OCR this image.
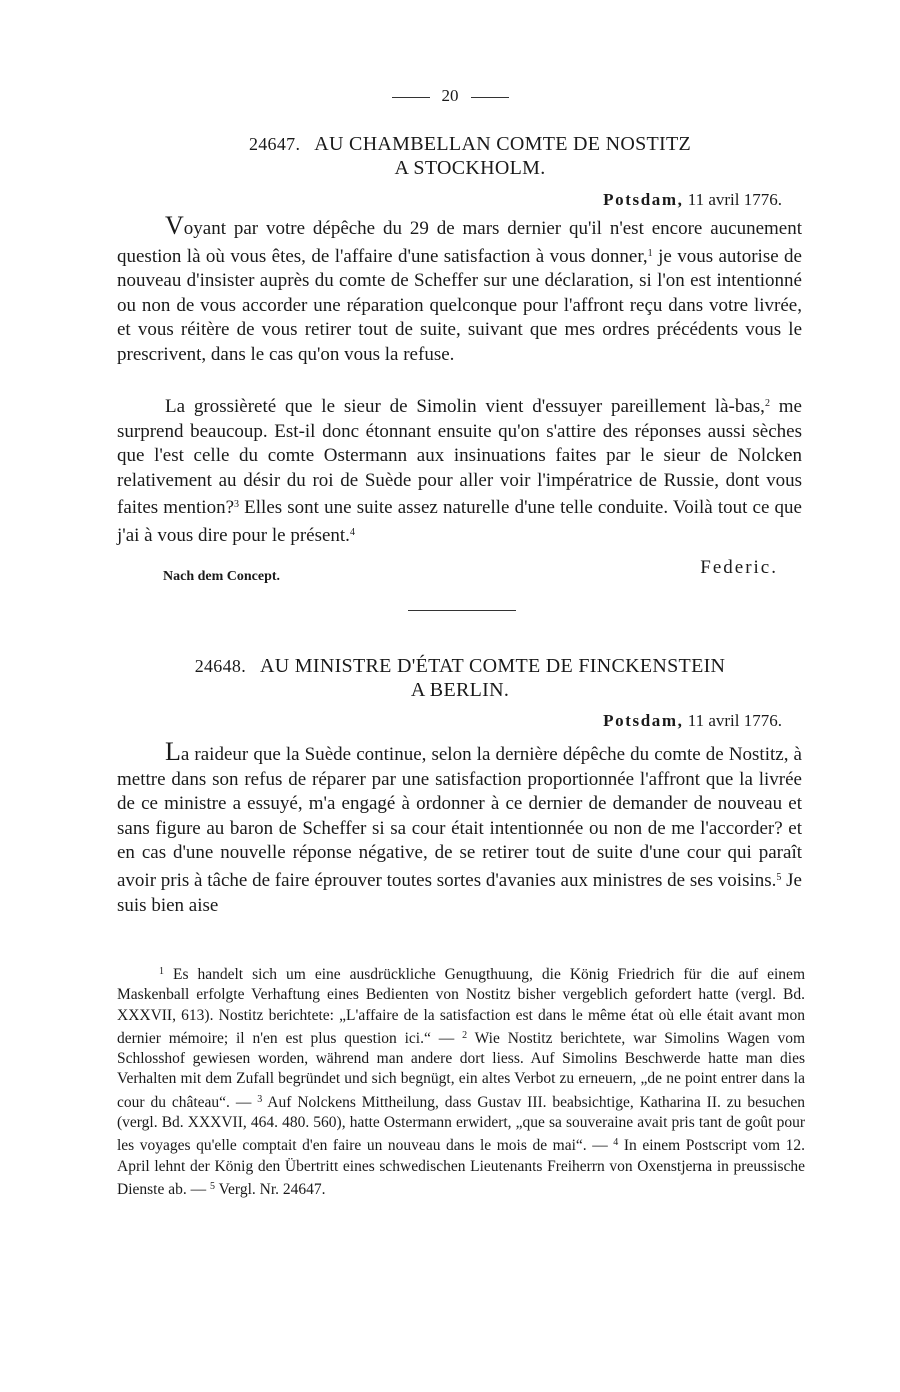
20
24647. AU CHAMBELLAN COMTE DE NOSTITZ
A STOCKHOLM.
Potsdam, 11 avril 1776.

Voyant par votre dépêche du 29 de mars dernier qu'il n'est encore aucunement question là où vous êtes, de l'affaire d'une satisfaction à vous donner,$^1$ je vous autorise de nouveau d'insister auprès du comte de Scheffer sur une déclaration, si l'on est intentionné ou non de vous accorder une réparation quelconque pour l'affront reçu dans votre livrée, et vous réitère de vous retirer tout de suite, suivant que mes ordres précédents vous le prescrivent, dans le cas qu'on vous la refuse.

La grossièreté que le sieur de Simolin vient d'essuyer pareillement là-bas,$^2$ me surprend beaucoup. Est-il donc étonnant ensuite qu'on s'attire des réponses aussi sèches que l'est celle du comte Ostermann aux insinuations faites par le sieur de Nolcken relativement au désir du roi de Suède pour aller voir l'impératrice de Russie, dont vous faites mention?$^3$ Elles sont une suite assez naturelle d'une telle conduite. Voilà tout ce que j'ai à vous dire pour le présent.$^4$

Nach dem Concept.	Federic.
24648. AU MINISTRE D'ÉTAT COMTE DE FINCKENSTEIN
A BERLIN.
Potsdam, 11 avril 1776.

La raideur que la Suède continue, selon la dernière dépêche du comte de Nostitz, à mettre dans son refus de réparer par une satisfaction proportionnée l'affront que la livrée de ce ministre a essuyé, m'a engagé à ordonner à ce dernier de demander de nouveau et sans figure au baron de Scheffer si sa cour était intentionnée ou non de me l'accorder? et en cas d'une nouvelle réponse négative, de se retirer tout de suite d'une cour qui paraît avoir pris à tâche de faire éprouver toutes sortes d'avanies aux ministres de ses voisins.$^5$ Je suis bien aise

$^1$ Es handelt sich um eine ausdrückliche Genugthuung, die König Friedrich für die auf einem Maskenball erfolgte Verhaftung eines Bedienten von Nostitz bisher vergeblich gefordert hatte (vergl. Bd. XXXVII, 613). Nostitz berichtete: „L'affaire de la satisfaction est dans le même état où elle était avant mon dernier mémoire; il n'en est plus question ici.“ — $^2$ Wie Nostitz berichtete, war Simolins Wagen vom Schlosshof gewiesen worden, während man andere dort liess. Auf Simolins Beschwerde hatte man dies Verhalten mit dem Zufall begründet und sich begnügt, ein altes Verbot zu erneuern, „de ne point entrer dans la cour du château“. — $^3$ Auf Nolckens Mittheilung, dass Gustav III. beabsichtige, Katharina II. zu besuchen (vergl. Bd. XXXVII, 464. 480. 560), hatte Ostermann erwidert, „que sa souveraine avait pris tant de goût pour les voyages qu'elle comptait d'en faire un nouveau dans le mois de mai“. — $^4$ In einem Postscript vom 12. April lehnt der König den Übertritt eines schwedischen Lieutenants Freiherrn von Oxenstjerna in preussische Dienste ab. — $^5$ Vergl. Nr. 24647.
